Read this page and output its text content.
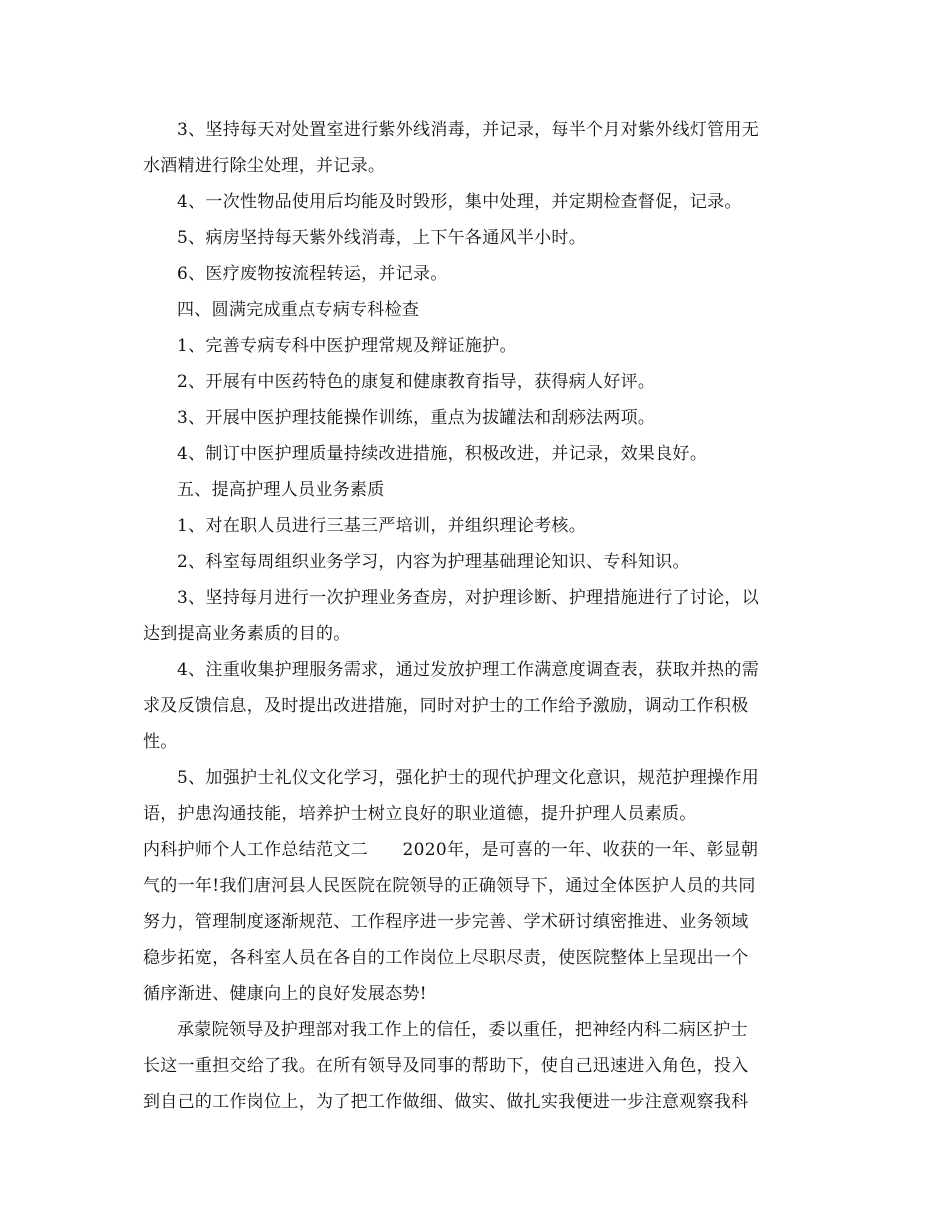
3、坚持每天对处置室进行紫外线消毒，并记录，每半个月对紫外线灯管用无
水酒精进行除尘处理，并记录。
4、一次性物品使用后均能及时毁形，集中处理，并定期检查督促，记录。
5、病房坚持每天紫外线消毒，上下午各通风半小时。
6、医疗废物按流程转运，并记录。
四、圆满完成重点专病专科检查
1、完善专病专科中医护理常规及辩证施护。
2、开展有中医药特色的康复和健康教育指导，获得病人好评。
3、开展中医护理技能操作训练，重点为拔罐法和刮痧法两项。
4、制订中医护理质量持续改进措施，积极改进，并记录，效果良好。
五、提高护理人员业务素质
1、对在职人员进行三基三严培训，并组织理论考核。
2、科室每周组织业务学习，内容为护理基础理论知识、专科知识。
3、坚持每月进行一次护理业务查房，对护理诊断、护理措施进行了讨论，以
达到提高业务素质的目的。
4、注重收集护理服务需求，通过发放护理工作满意度调查表，获取并热的需
求及反馈信息，及时提出改进措施，同时对护士的工作给予激励，调动工作积极
性。
5、加强护士礼仪文化学习，强化护士的现代护理文化意识，规范护理操作用
语，护患沟通技能，培养护士树立良好的职业道德，提升护理人员素质。
内科护师个人工作总结范文二　　2020年，是可喜的一年、收获的一年、彰显朝
气的一年!我们唐河县人民医院在院领导的正确领导下，通过全体医护人员的共同
努力，管理制度逐渐规范、工作程序进一步完善、学术研讨缜密推进、业务领域
稳步拓宽，各科室人员在各自的工作岗位上尽职尽责，使医院整体上呈现出一个
循序渐进、健康向上的良好发展态势!
承蒙院领导及护理部对我工作上的信任，委以重任，把神经内科二病区护士
长这一重担交给了我。在所有领导及同事的帮助下，使自己迅速进入角色，投入
到自己的工作岗位上，为了把工作做细、做实、做扎实我便进一步注意观察我科
